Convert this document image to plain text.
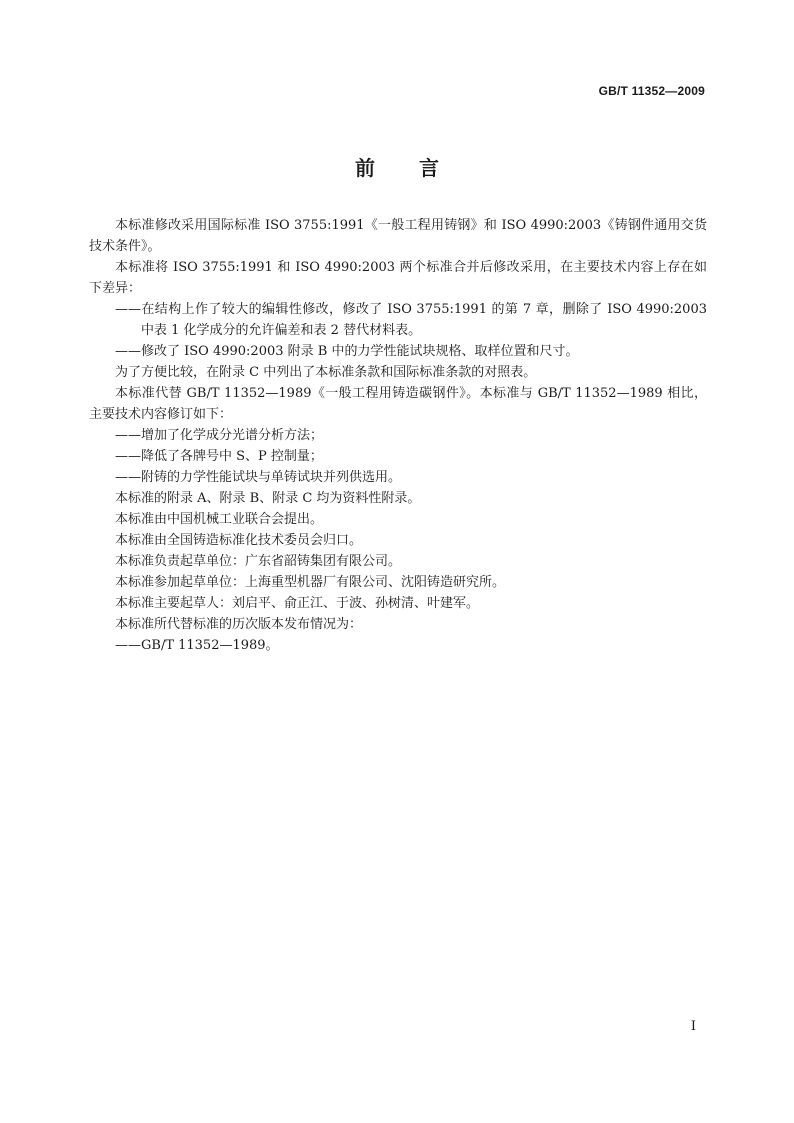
GB/T 11352—2009
前 言

本标准修改采用国际标准 ISO 3755:1991《一般工程用铸钢》和 ISO 4990:2003《铸钢件通用交货技术条件》。

本标准将 ISO 3755:1991 和 ISO 4990:2003 两个标准合并后修改采用，在主要技术内容上存在如下差异：

——在结构上作了较大的编辑性修改，修改了 ISO 3755:1991 的第 7 章，删除了 ISO 4990:2003 中表 1 化学成分的允许偏差和表 2 替代材料表。

——修改了 ISO 4990:2003 附录 B 中的力学性能试块规格、取样位置和尺寸。

为了方便比较，在附录 C 中列出了本标准条款和国际标准条款的对照表。

本标准代替 GB/T 11352—1989《一般工程用铸造碳钢件》。本标准与 GB/T 11352—1989 相比，主要技术内容修订如下：

——增加了化学成分光谱分析方法；

——降低了各牌号中 S、P 控制量；

——附铸的力学性能试块与单铸试块并列供选用。

本标准的附录 A、附录 B、附录 C 均为资料性附录。

本标准由中国机械工业联合会提出。

本标准由全国铸造标准化技术委员会归口。

本标准负责起草单位：广东省韶铸集团有限公司。

本标准参加起草单位：上海重型机器厂有限公司、沈阳铸造研究所。

本标准主要起草人：刘启平、俞正江、于波、孙树清、叶建军。

本标准所代替标准的历次版本发布情况为：

——GB/T 11352—1989。

I
